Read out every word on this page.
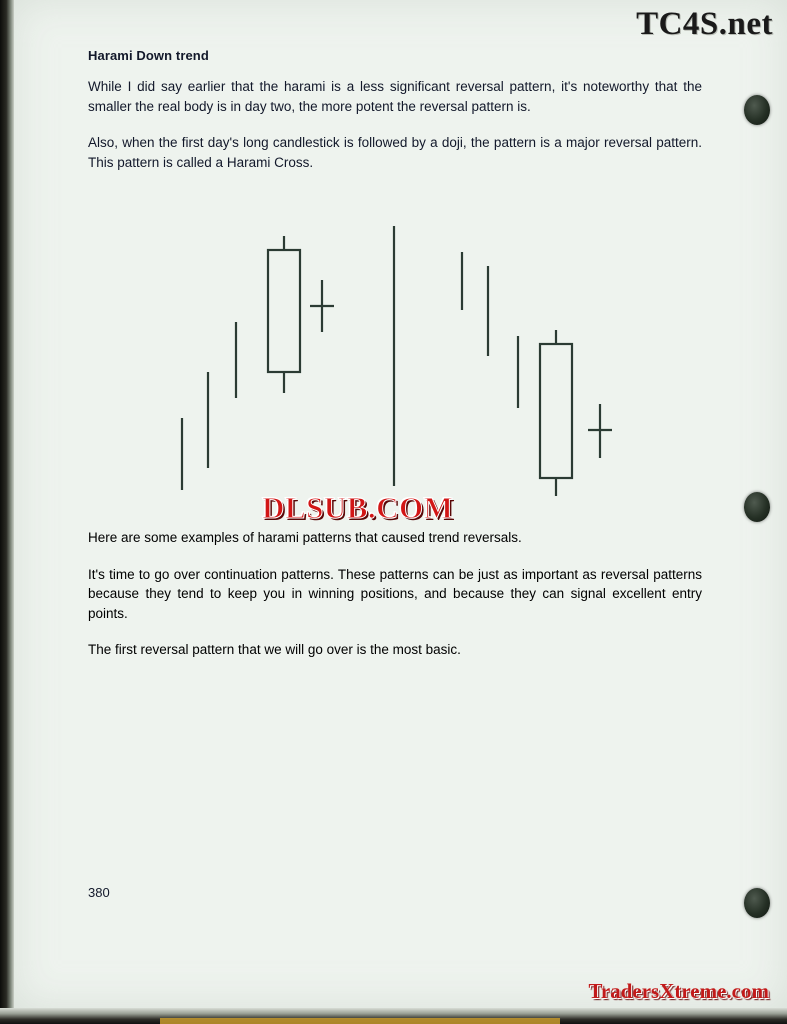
TC4S.net
Harami Down trend

While I did say earlier that the harami is a less significant reversal pattern, it's noteworthy that the smaller the real body is in day two, the more potent the reversal pattern is.

Also, when the first day's long candlestick is followed by a doji, the pattern is a major reversal pattern. This pattern is called a Harami Cross.

DLSUB.COM

Here are some examples of harami patterns that caused trend reversals.

It's time to go over continuation patterns. These patterns can be just as important as reversal patterns because they tend to keep you in winning positions, and because they can signal excellent entry points.

The first reversal pattern that we will go over is the most basic.

380
TradersXtreme.com
